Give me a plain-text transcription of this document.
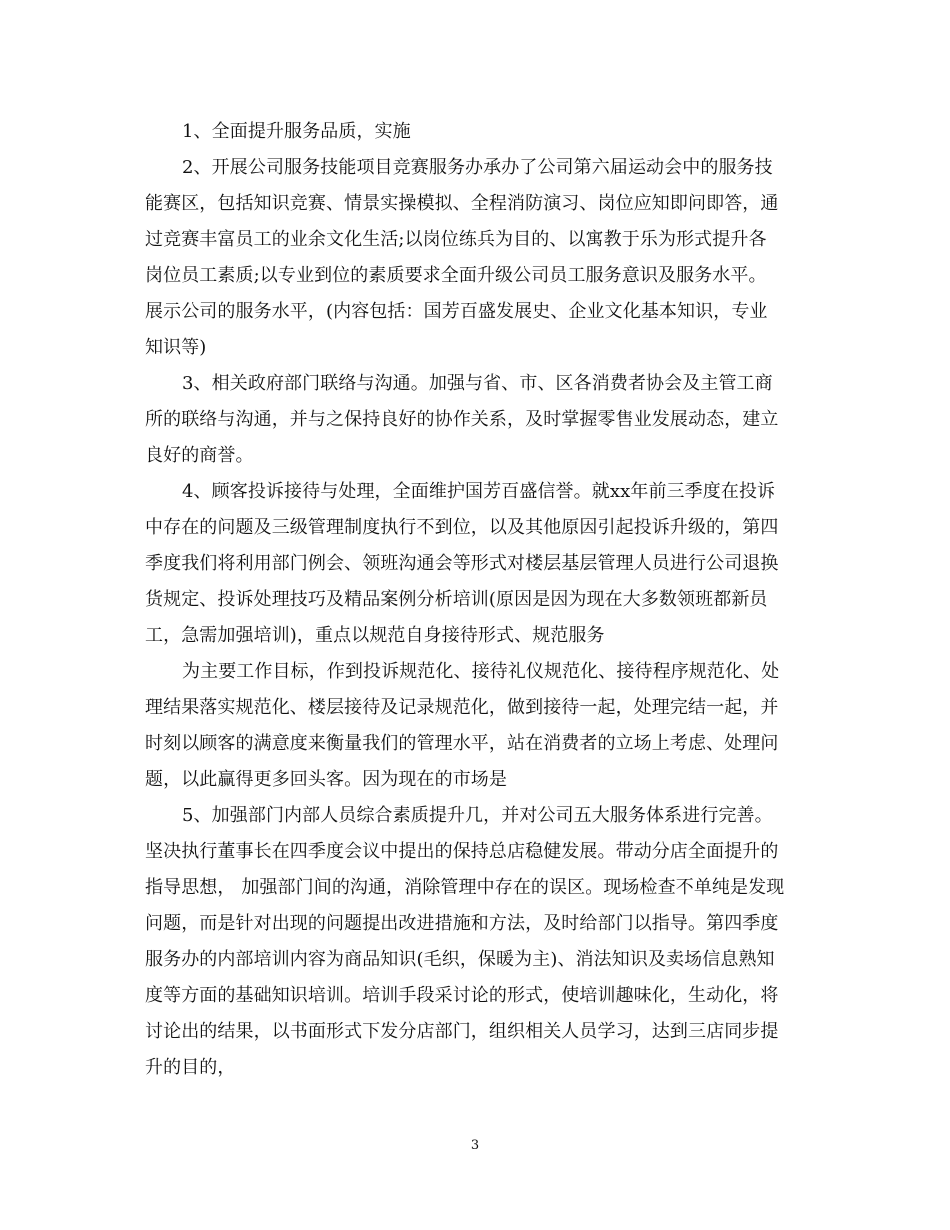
1、全面提升服务品质，实施
2、开展公司服务技能项目竞赛服务办承办了公司第六届运动会中的服务技
能赛区，包括知识竞赛、情景实操模拟、全程消防演习、岗位应知即问即答，通
过竞赛丰富员工的业余文化生活;以岗位练兵为目的、以寓教于乐为形式提升各
岗位员工素质;以专业到位的素质要求全面升级公司员工服务意识及服务水平。
展示公司的服务水平，(内容包括：国芳百盛发展史、企业文化基本知识，专业
知识等)
3、相关政府部门联络与沟通。加强与省、市、区各消费者协会及主管工商
所的联络与沟通，并与之保持良好的协作关系，及时掌握零售业发展动态，建立
良好的商誉。
4、顾客投诉接待与处理，全面维护国芳百盛信誉。就xx年前三季度在投诉
中存在的问题及三级管理制度执行不到位，以及其他原因引起投诉升级的，第四
季度我们将利用部门例会、领班沟通会等形式对楼层基层管理人员进行公司退换
货规定、投诉处理技巧及精品案例分析培训(原因是因为现在大多数领班都新员
工，急需加强培训)，重点以规范自身接待形式、规范服务
为主要工作目标，作到投诉规范化、接待礼仪规范化、接待程序规范化、处
理结果落实规范化、楼层接待及记录规范化，做到接待一起，处理完结一起，并
时刻以顾客的满意度来衡量我们的管理水平，站在消费者的立场上考虑、处理问
题，以此赢得更多回头客。因为现在的市场是
5、加强部门内部人员综合素质提升几，并对公司五大服务体系进行完善。
坚决执行董事长在四季度会议中提出的保持总店稳健发展。带动分店全面提升的
指导思想， 加强部门间的沟通，消除管理中存在的误区。现场检查不单纯是发现
问题，而是针对出现的问题提出改进措施和方法，及时给部门以指导。第四季度
服务办的内部培训内容为商品知识(毛织，保暖为主)、消法知识及卖场信息熟知
度等方面的基础知识培训。培训手段采讨论的形式，使培训趣味化，生动化，将
讨论出的结果，以书面形式下发分店部门，组织相关人员学习，达到三店同步提
升的目的，
3
